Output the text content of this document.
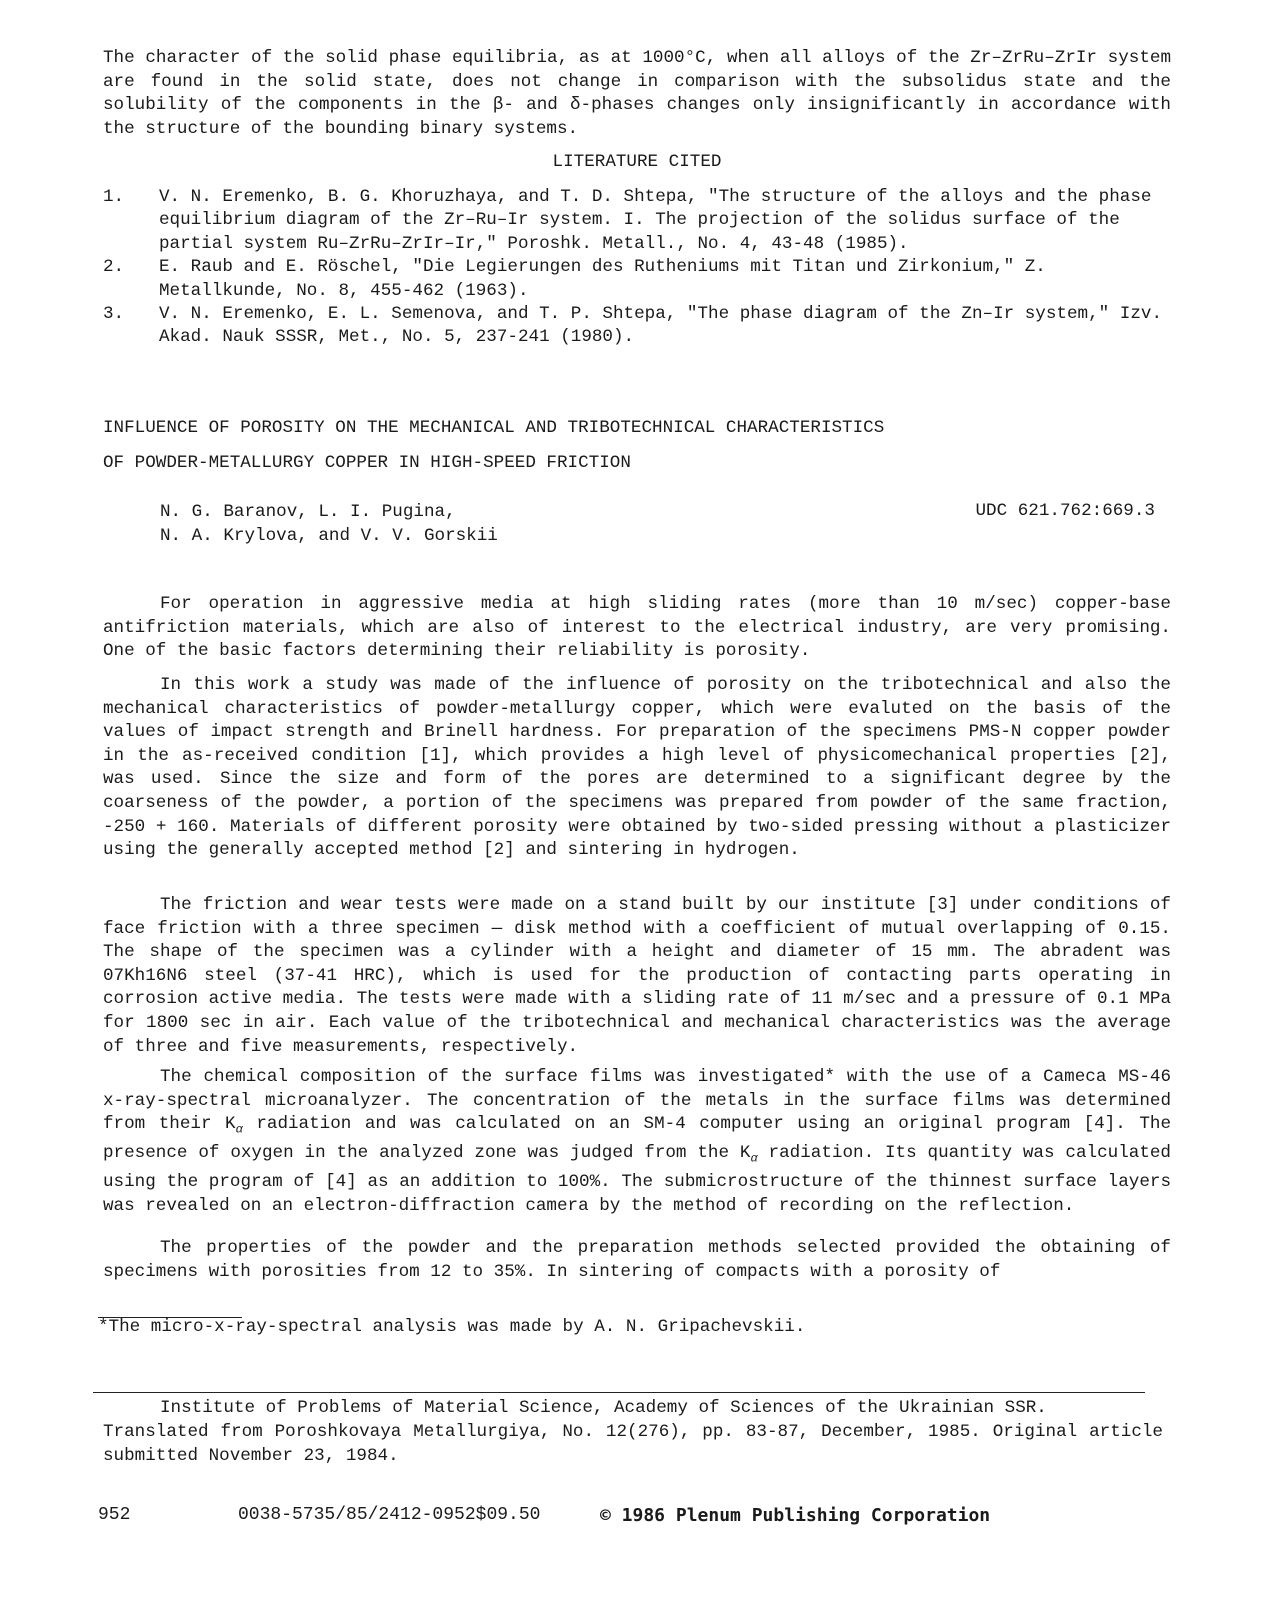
The character of the solid phase equilibria, as at 1000°C, when all alloys of the Zr–ZrRu–ZrIr system are found in the solid state, does not change in comparison with the subsolidus state and the solubility of the components in the β- and δ-phases changes only insignificantly in accordance with the structure of the bounding binary systems.

LITERATURE CITED
1. V. N. Eremenko, B. G. Khoruzhaya, and T. D. Shtepa, "The structure of the alloys and the phase equilibrium diagram of the Zr–Ru–Ir system. I. The projection of the solidus surface of the partial system Ru–ZrRu–ZrIr–Ir," Poroshk. Metall., No. 4, 43-48 (1985).
2. E. Raub and E. Röschel, "Die Legierungen des Rutheniums mit Titan und Zirkonium," Z. Metallkunde, No. 8, 455-462 (1963).
3. V. N. Eremenko, E. L. Semenova, and T. P. Shtepa, "The phase diagram of the Zn–Ir system," Izv. Akad. Nauk SSSR, Met., No. 5, 237-241 (1980).
INFLUENCE OF POROSITY ON THE MECHANICAL AND TRIBOTECHNICAL CHARACTERISTICS
OF POWDER-METALLURGY COPPER IN HIGH-SPEED FRICTION
N. G. Baranov, L. I. Pugina,
N. A. Krylova, and V. V. Gorskii
UDC 621.762:669.3

For operation in aggressive media at high sliding rates (more than 10 m/sec) copper-base antifriction materials, which are also of interest to the electrical industry, are very promising. One of the basic factors determining their reliability is porosity.

In this work a study was made of the influence of porosity on the tribotechnical and also the mechanical characteristics of powder-metallurgy copper, which were evaluted on the basis of the values of impact strength and Brinell hardness. For preparation of the specimens PMS-N copper powder in the as-received condition [1], which provides a high level of physicomechanical properties [2], was used. Since the size and form of the pores are determined to a significant degree by the coarseness of the powder, a portion of the specimens was prepared from powder of the same fraction, -250 + 160. Materials of different porosity were obtained by two-sided pressing without a plasticizer using the generally accepted method [2] and sintering in hydrogen.

The friction and wear tests were made on a stand built by our institute [3] under conditions of face friction with a three specimen — disk method with a coefficient of mutual overlapping of 0.15. The shape of the specimen was a cylinder with a height and diameter of 15 mm. The abradent was 07Kh16N6 steel (37-41 HRC), which is used for the production of contacting parts operating in corrosion active media. The tests were made with a sliding rate of 11 m/sec and a pressure of 0.1 MPa for 1800 sec in air. Each value of the tribotechnical and mechanical characteristics was the average of three and five measurements, respectively.

The chemical composition of the surface films was investigated* with the use of a Cameca MS-46 x-ray-spectral microanalyzer. The concentration of the metals in the surface films was determined from their $K_\alpha$ radiation and was calculated on an SM-4 computer using an original program [4]. The presence of oxygen in the analyzed zone was judged from the $K_\alpha$ radiation. Its quantity was calculated using the program of [4] as an addition to 100%. The submicrostructure of the thinnest surface layers was revealed on an electron-diffraction camera by the method of recording on the reflection.

The properties of the powder and the preparation methods selected provided the obtaining of specimens with porosities from 12 to 35%. In sintering of compacts with a porosity of

*The micro-x-ray-spectral analysis was made by A. N. Gripachevskii.
Institute of Problems of Material Science, Academy of Sciences of the Ukrainian SSR.
Translated from Poroshkovaya Metallurgiya, No. 12(276), pp. 83-87, December, 1985. Original article submitted November 23, 1984.
952	0038-5735/85/2412-0952$09.50	© 1986 Plenum Publishing Corporation
